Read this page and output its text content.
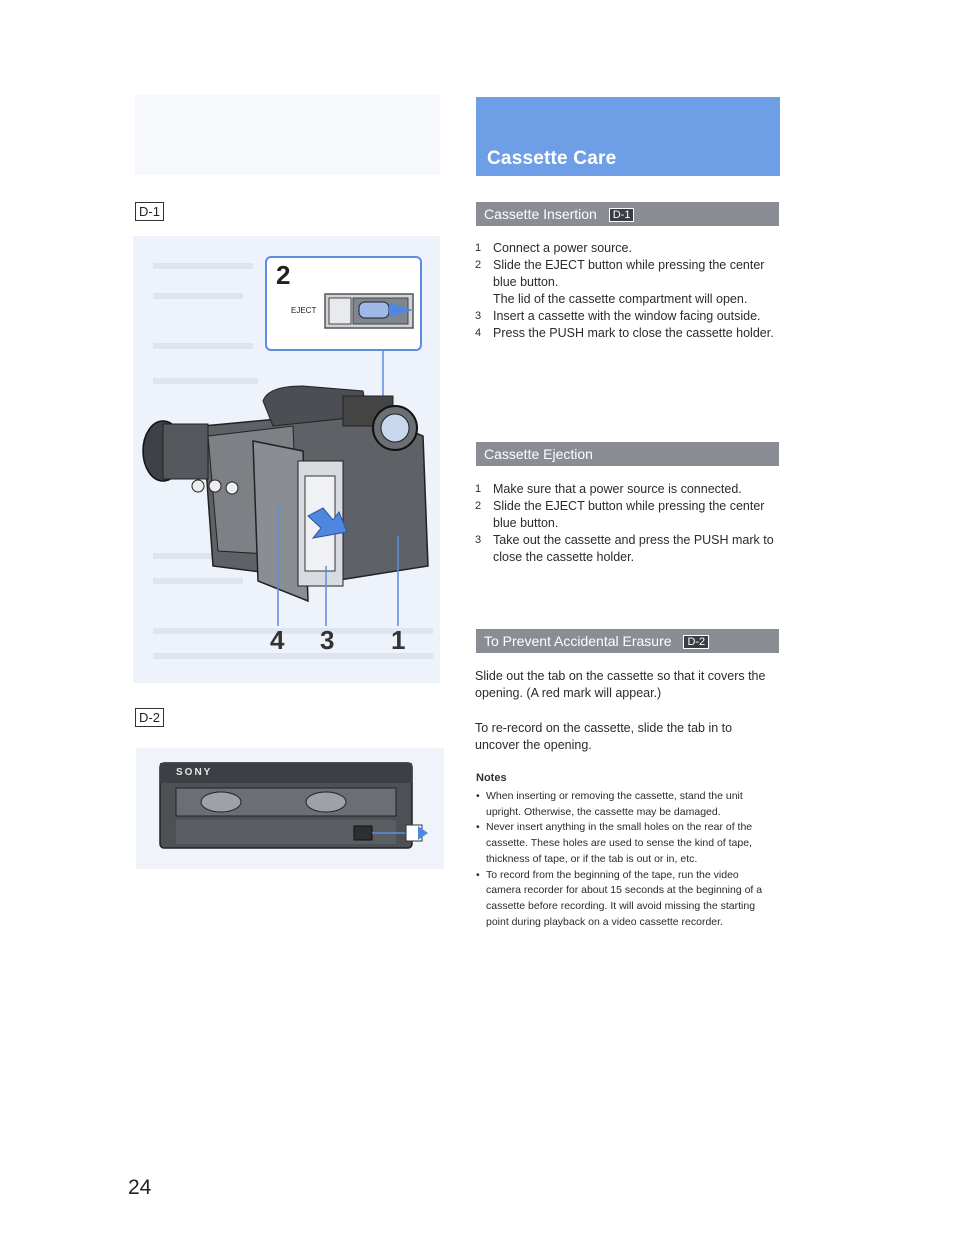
D-1
2
EJECT
4 3 1
D-2
SONY
Cassette Care
Cassette Insertion D-1
1 Connect a power source.
2 Slide the EJECT button while pressing the center blue button.
The lid of the cassette compartment will open.
3 Insert a cassette with the window facing outside.
4 Press the PUSH mark to close the cassette holder.
Cassette Ejection
1 Make sure that a power source is connected.
2 Slide the EJECT button while pressing the center blue button.
3 Take out the cassette and press the PUSH mark to close the cassette holder.
To Prevent Accidental Erasure D-2
Slide out the tab on the cassette so that it covers the opening. (A red mark will appear.)
To re-record on the cassette, slide the tab in to uncover the opening.
Notes
• When inserting or removing the cassette, stand the unit upright. Otherwise, the cassette may be damaged.
• Never insert anything in the small holes on the rear of the cassette. These holes are used to sense the kind of tape, thickness of tape, or if the tab is out or in, etc.
• To record from the beginning of the tape, run the video camera recorder for about 15 seconds at the beginning of a cassette before recording. It will avoid missing the starting point during playback on a video cassette recorder.
24
